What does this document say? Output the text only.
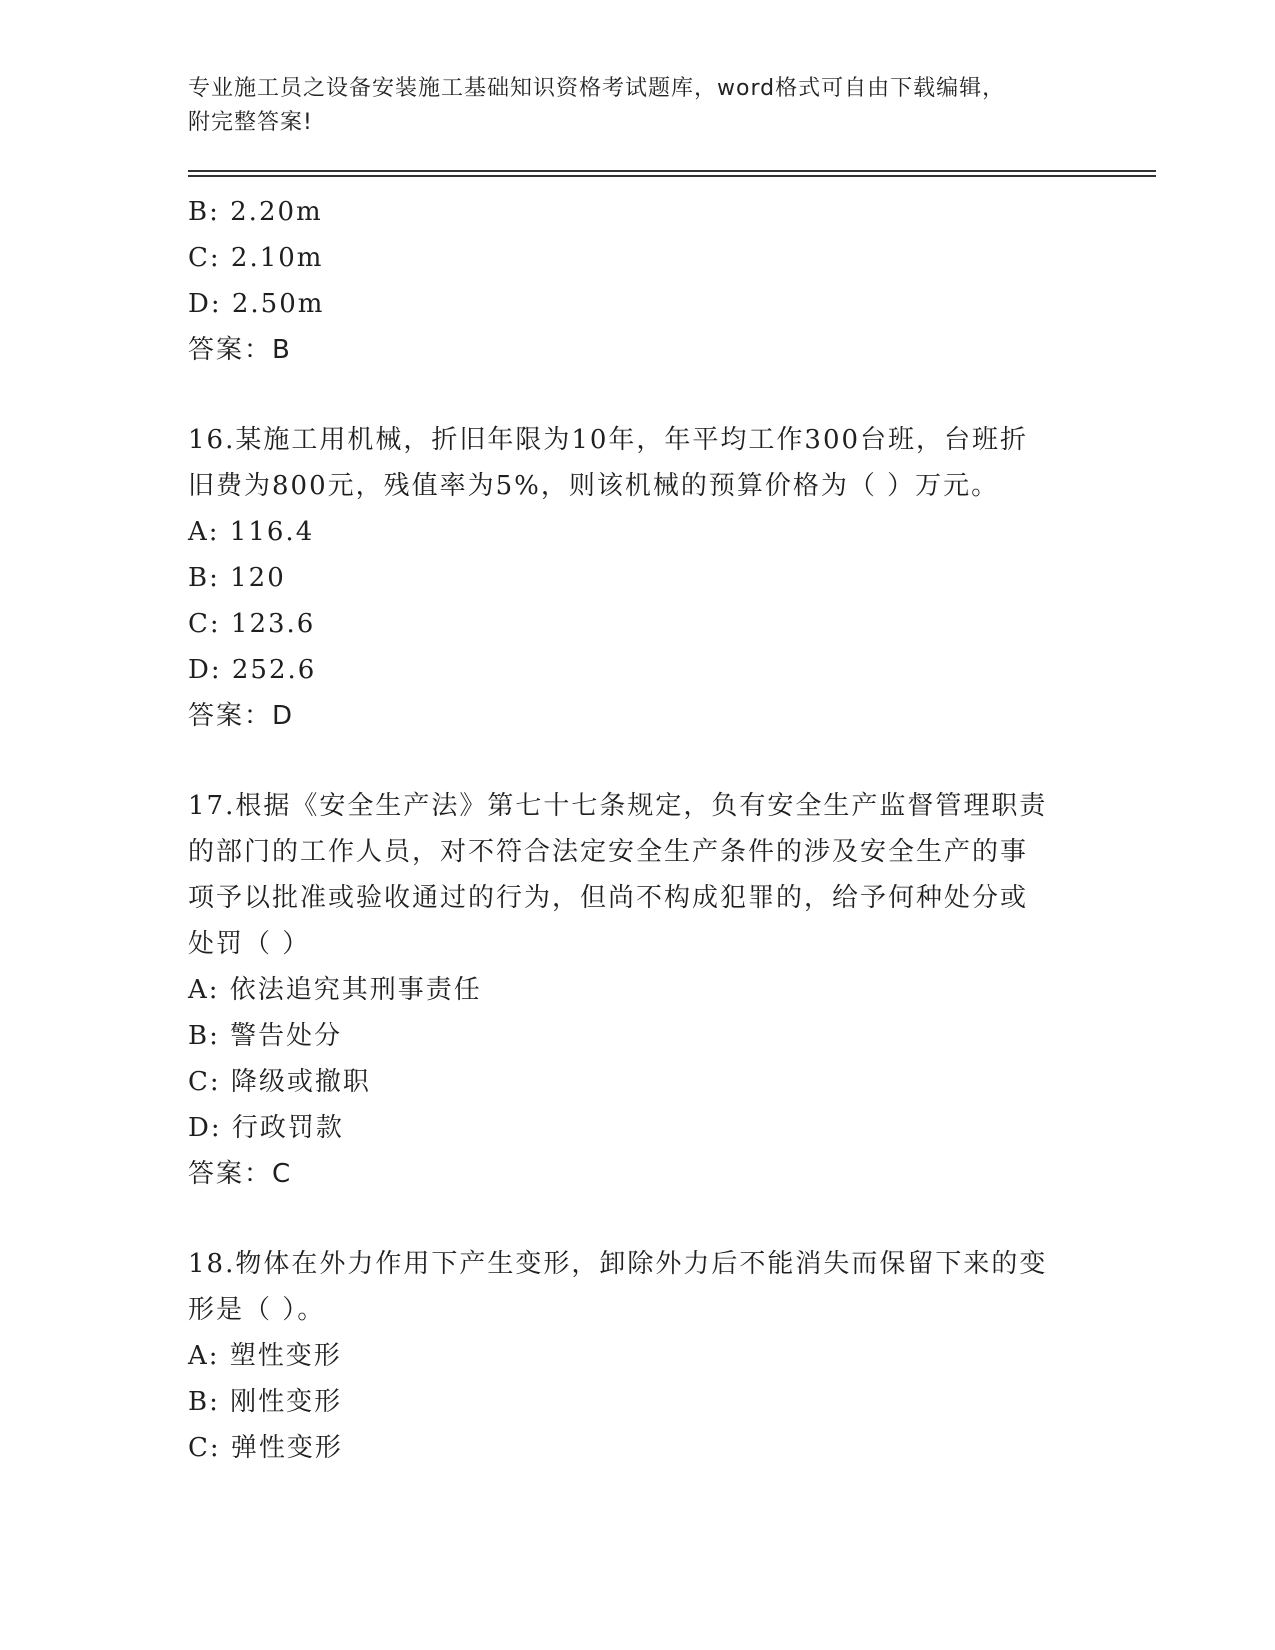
专业施工员之设备安装施工基础知识资格考试题库，word格式可自由下载编辑，
附完整答案!
B: 2.20m
C: 2.10m
D: 2.50m
答案：B
16.某施工用机械，折旧年限为10年，年平均工作300台班，台班折
旧费为800元，残值率为5%，则该机械的预算价格为（ ）万元。
A: 116.4
B: 120
C: 123.6
D: 252.6
答案：D
17.根据《安全生产法》第七十七条规定，负有安全生产监督管理职责
的部门的工作人员，对不符合法定安全生产条件的涉及安全生产的事
项予以批准或验收通过的行为，但尚不构成犯罪的，给予何种处分或
处罚（ ）
A: 依法追究其刑事责任
B: 警告处分
C: 降级或撤职
D: 行政罚款
答案：C
18.物体在外力作用下产生变形，卸除外力后不能消失而保留下来的变
形是（ ）。
A: 塑性变形
B: 刚性变形
C: 弹性变形
